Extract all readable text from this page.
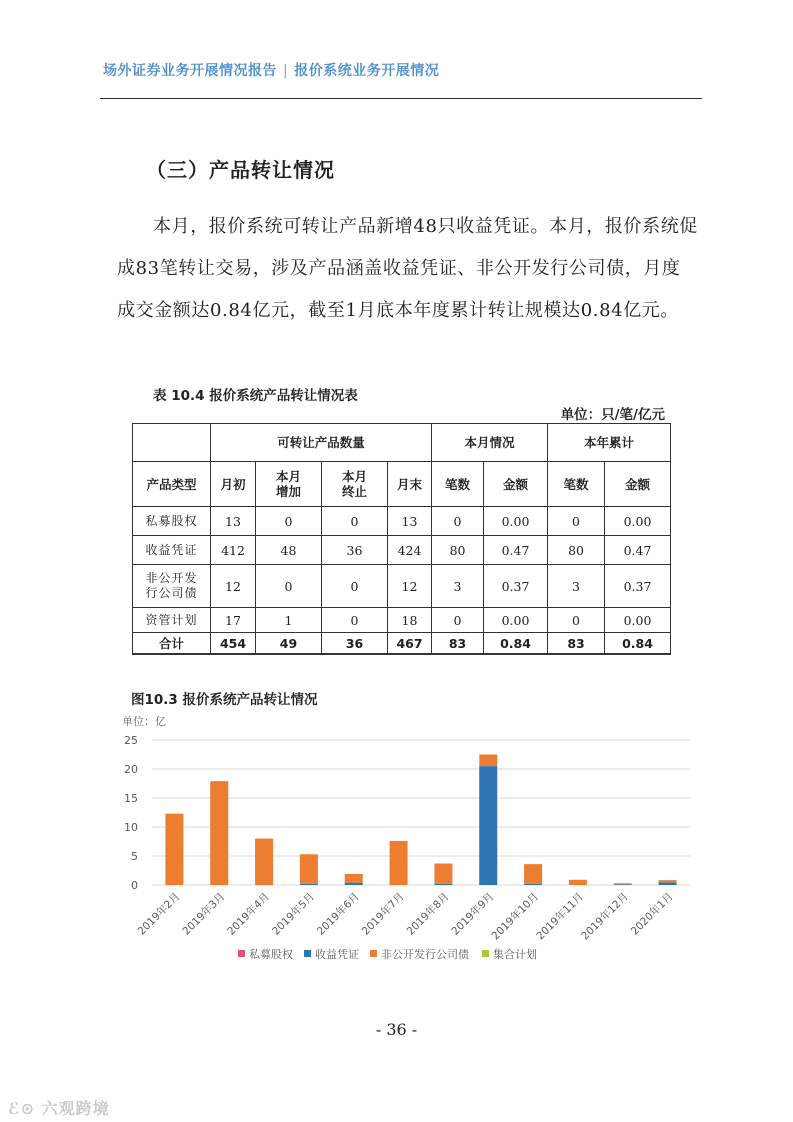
场外证券业务开展情况报告 | 报价系统业务开展情况
（三）产品转让情况
本月，报价系统可转让产品新增48只收益凭证。本月，报价系统促成83笔转让交易，涉及产品涵盖收益凭证、非公开发行公司债，月度成交金额达0.84亿元，截至1月底本年度累计转让规模达0.84亿元。
表 10.4 报价系统产品转让情况表
单位：只/笔/亿元
	可转让产品数量				本月情况		本年累计	
产品类型	月初	本月增加	本月终止	月末	笔数	金额	笔数	金额
私募股权	13	0	0	13	0	0.00	0	0.00
收益凭证	412	48	36	424	80	0.47	80	0.47
非公开发行公司债	12	0	0	12	3	0.37	3	0.37
资管计划	17	1	0	18	0	0.00	0	0.00
合计	454	49	36	467	83	0.84	83	0.84
图10.3 报价系统产品转让情况
单位：亿
0
5
10
15
20
25
2019年2月
2019年3月
2019年4月
2019年5月
2019年6月
2019年7月
2019年8月
2019年9月
2019年10月
2019年11月
2019年12月
2020年1月
私募股权 收益凭证 非公开发行公司债 集合计划
- 36 -
ℰ⊙ 六观跨境
